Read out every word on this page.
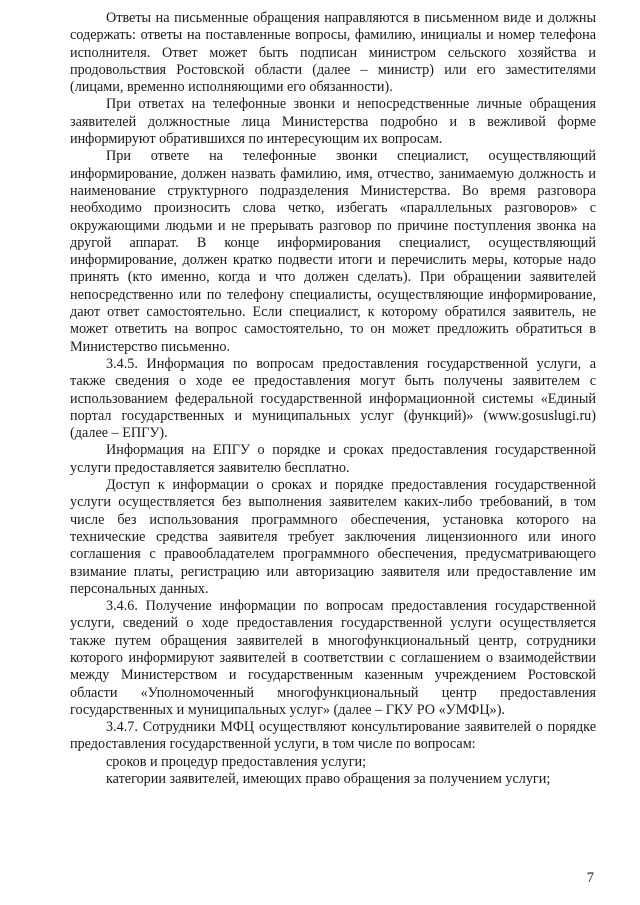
Ответы на письменные обращения направляются в письменном виде и должны содержать: ответы на поставленные вопросы, фамилию, инициалы и номер телефона исполнителя. Ответ может быть подписан министром сельского хозяйства и продовольствия Ростовской области (далее – министр) или его заместителями (лицами, временно исполняющими его обязанности).

При ответах на телефонные звонки и непосредственные личные обращения заявителей должностные лица Министерства подробно и в вежливой форме информируют обратившихся по интересующим их вопросам.

При ответе на телефонные звонки специалист, осуществляющий информирование, должен назвать фамилию, имя, отчество, занимаемую должность и наименование структурного подразделения Министерства. Во время разговора необходимо произносить слова четко, избегать «параллельных разговоров» с окружающими людьми и не прерывать разговор по причине поступления звонка на другой аппарат. В конце информирования специалист, осуществляющий информирование, должен кратко подвести итоги и перечислить меры, которые надо принять (кто именно, когда и что должен сделать). При обращении заявителей непосредственно или по телефону специалисты, осуществляющие информирование, дают ответ самостоятельно. Если специалист, к которому обратился заявитель, не может ответить на вопрос самостоятельно, то он может предложить обратиться в Министерство письменно.

3.4.5. Информация по вопросам предоставления государственной услуги, а также сведения о ходе ее предоставления могут быть получены заявителем с использованием федеральной государственной информационной системы «Единый портал государственных и муниципальных услуг (функций)» (www.gosuslugi.ru) (далее – ЕПГУ).

Информация на ЕПГУ о порядке и сроках предоставления государственной услуги предоставляется заявителю бесплатно.

Доступ к информации о сроках и порядке предоставления государственной услуги осуществляется без выполнения заявителем каких-либо требований, в том числе без использования программного обеспечения, установка которого на технические средства заявителя требует заключения лицензионного или иного соглашения с правообладателем программного обеспечения, предусматривающего взимание платы, регистрацию или авторизацию заявителя или предоставление им персональных данных.

3.4.6. Получение информации по вопросам предоставления государственной услуги, сведений о ходе предоставления государственной услуги осуществляется также путем обращения заявителей в многофункциональный центр, сотрудники которого информируют заявителей в соответствии с соглашением о взаимодействии между Министерством и государственным казенным учреждением Ростовской области «Уполномоченный многофункциональный центр предоставления государственных и муниципальных услуг» (далее – ГКУ РО «УМФЦ»).

3.4.7. Сотрудники МФЦ осуществляют консультирование заявителей о порядке предоставления государственной услуги, в том числе по вопросам:

сроков и процедур предоставления услуги;

категории заявителей, имеющих право обращения за получением услуги;

7
